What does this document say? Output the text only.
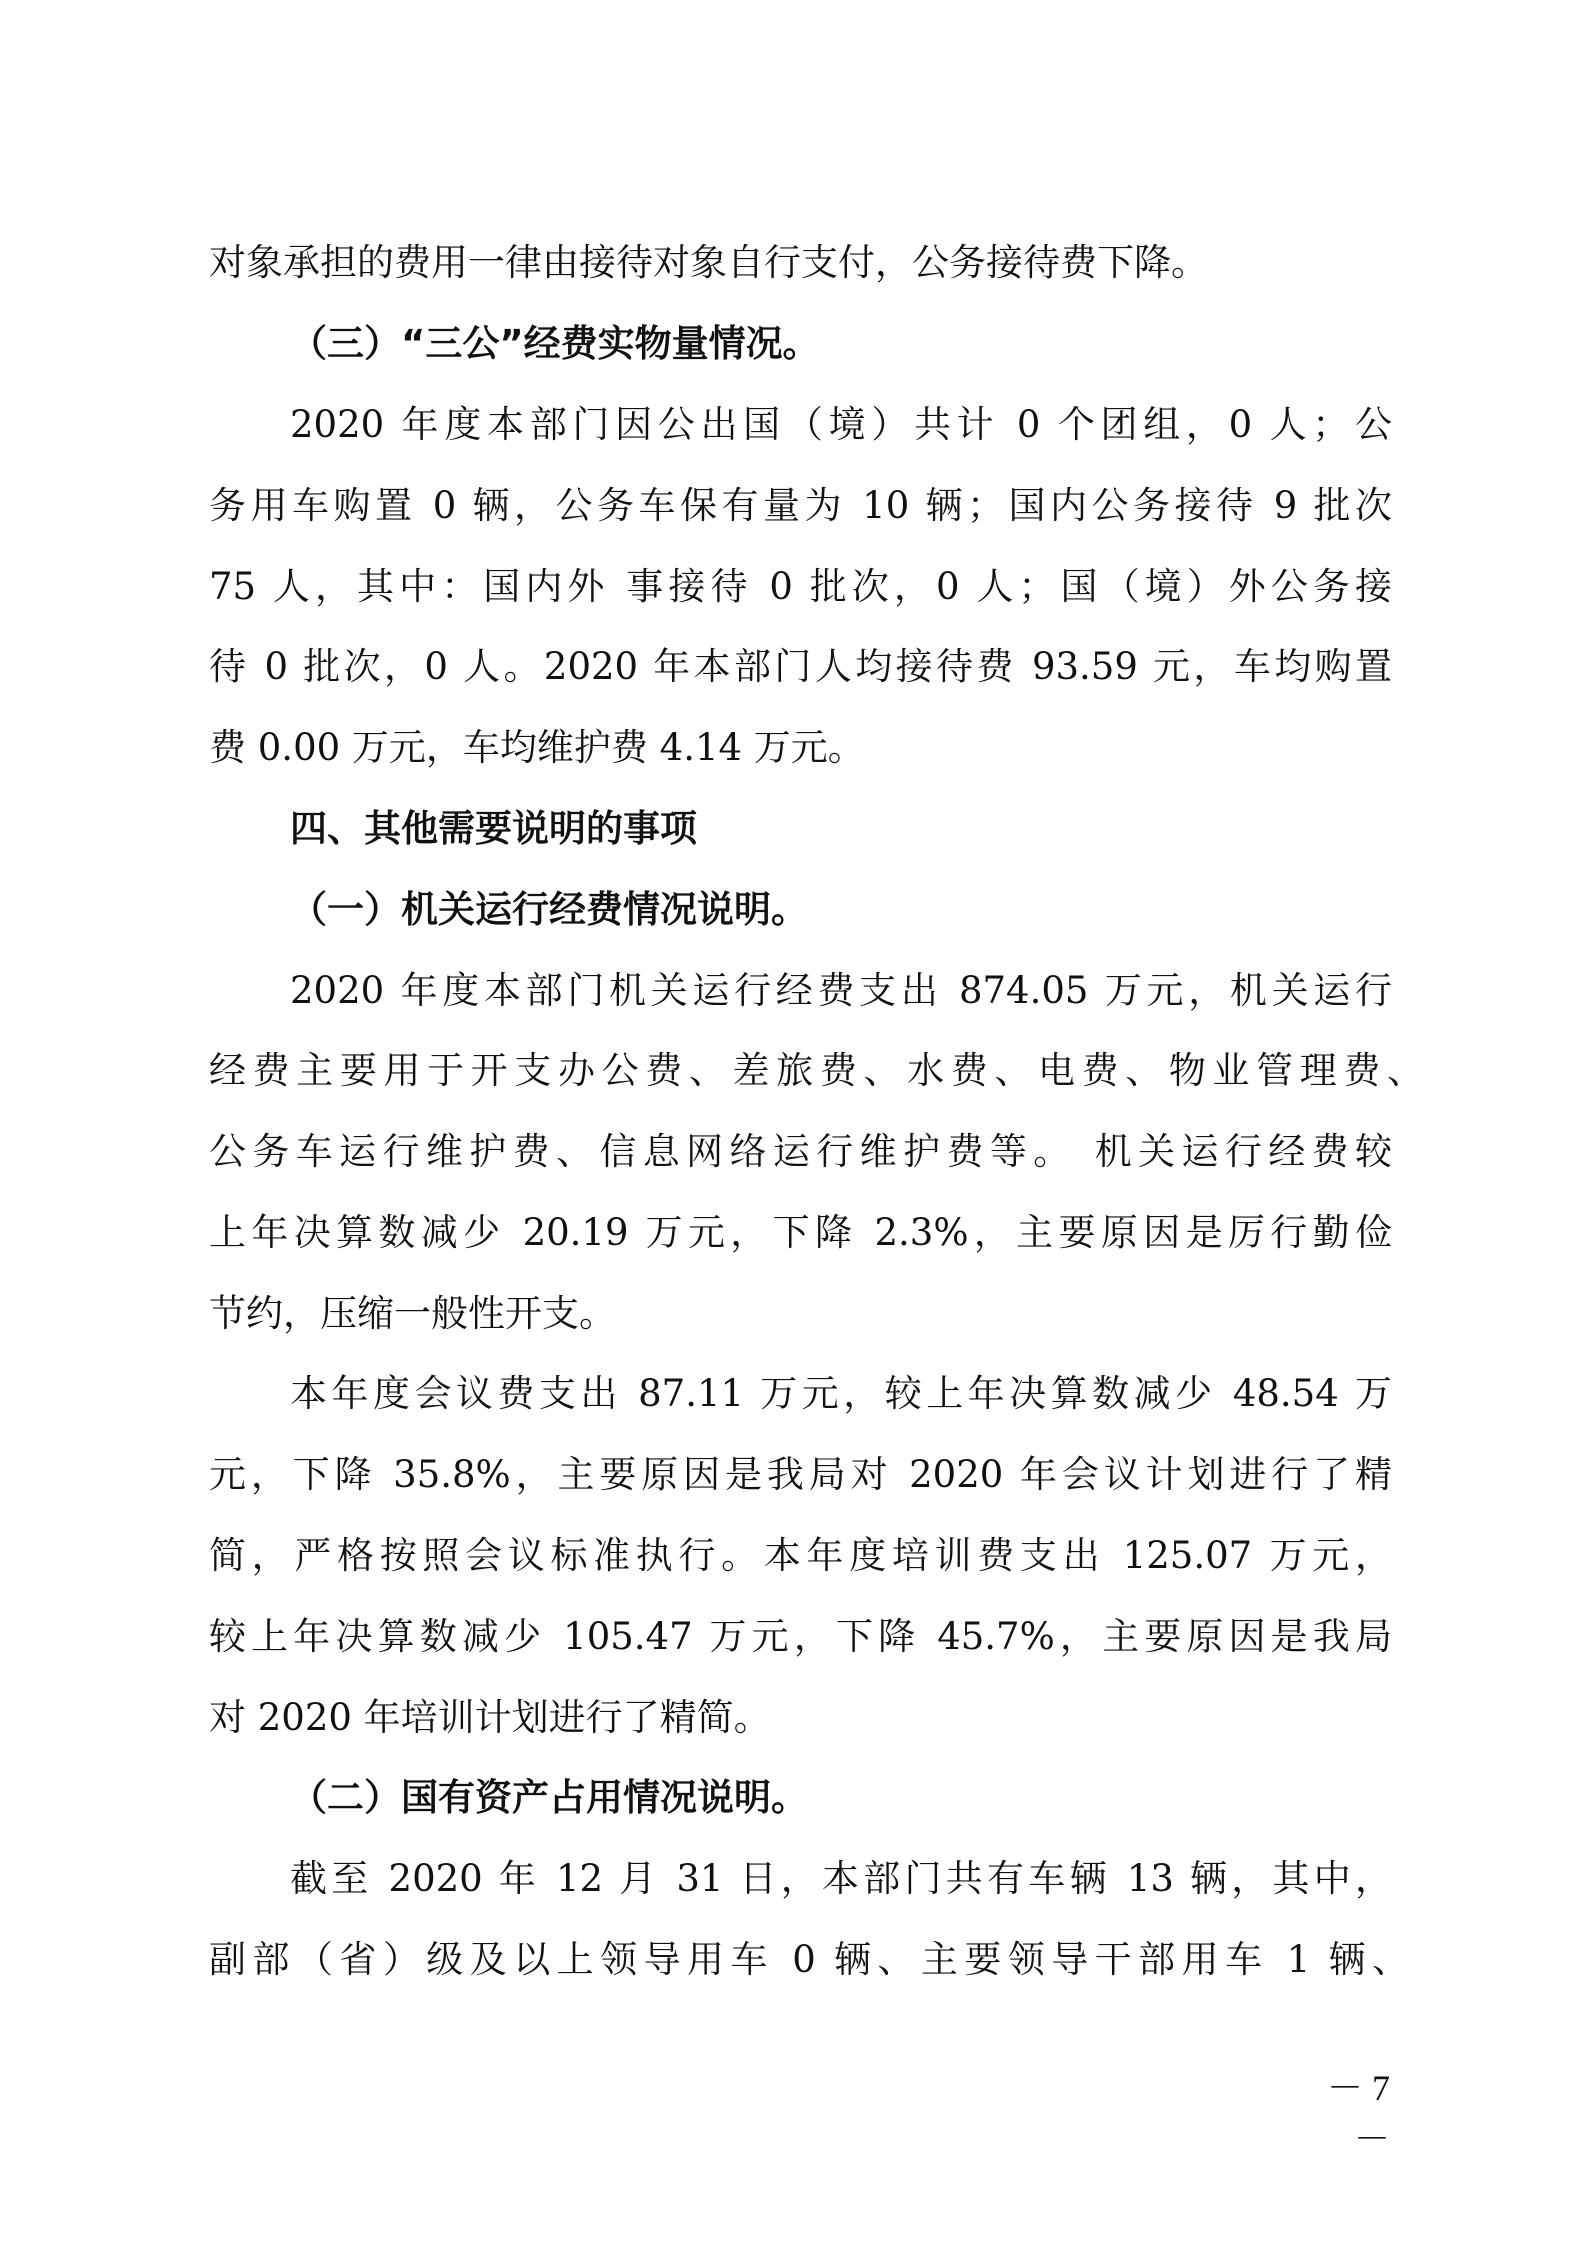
对象承担的费用一律由接待对象自行支付，公务接待费下降。
（三）“三公”经费实物量情况。
2020 年度本部门因公出国（境）共计 0 个团组，0 人；公
务用车购置 0 辆，公务车保有量为 10 辆；国内公务接待 9 批次
75 人，其中：国内外 事接待 0 批次，0 人；国（境）外公务接
待 0 批次，0 人。2020 年本部门人均接待费 93.59 元，车均购置
费 0.00 万元，车均维护费 4.14 万元。
四、其他需要说明的事项
（一）机关运行经费情况说明。
2020 年度本部门机关运行经费支出 874.05 万元，机关运行
经费主要用于开支办公费、差旅费、水费、电费、物业管理费、
公务车运行维护费、信息网络运行维护费等。 机关运行经费较
上年决算数减少 20.19 万元，下降 2.3%，主要原因是厉行勤俭
节约，压缩一般性开支。
本年度会议费支出 87.11 万元，较上年决算数减少 48.54 万
元，下降 35.8%，主要原因是我局对 2020 年会议计划进行了精
简，严格按照会议标准执行。本年度培训费支出 125.07 万元，
较上年决算数减少 105.47 万元，下降 45.7%，主要原因是我局
对 2020 年培训计划进行了精简。
（二）国有资产占用情况说明。
截至 2020 年 12 月 31 日，本部门共有车辆 13 辆，其中，
副部（省）级及以上领导用车 0 辆、主要领导干部用车 1 辆、
－ 7 －
